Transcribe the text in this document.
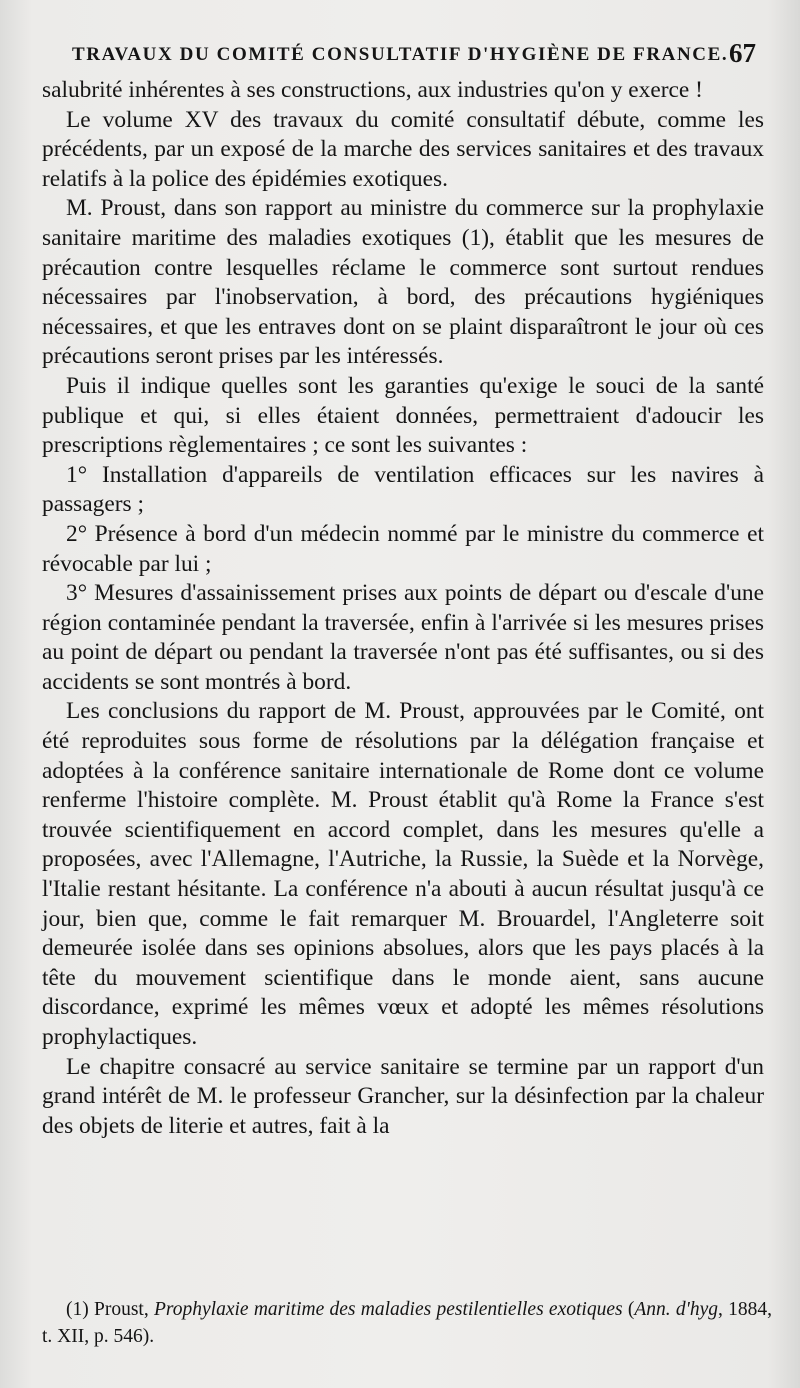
TRAVAUX DU COMITÉ CONSULTATIF D'HYGIÈNE DE FRANCE. 67

salubrité inhérentes à ses constructions, aux industries qu'on y exerce !

Le volume XV des travaux du comité consultatif débute, comme les précédents, par un exposé de la marche des services sanitaires et des travaux relatifs à la police des épidémies exotiques.

M. Proust, dans son rapport au ministre du commerce sur la prophylaxie sanitaire maritime des maladies exotiques (1), établit que les mesures de précaution contre lesquelles réclame le commerce sont surtout rendues nécessaires par l'inobservation, à bord, des précautions hygiéniques nécessaires, et que les entraves dont on se plaint disparaîtront le jour où ces précautions seront prises par les intéressés.

Puis il indique quelles sont les garanties qu'exige le souci de la santé publique et qui, si elles étaient données, permettraient d'adoucir les prescriptions règlementaires ; ce sont les suivantes :

1° Installation d'appareils de ventilation efficaces sur les navires à passagers ;

2° Présence à bord d'un médecin nommé par le ministre du commerce et révocable par lui ;

3° Mesures d'assainissement prises aux points de départ ou d'escale d'une région contaminée pendant la traversée, enfin à l'arrivée si les mesures prises au point de départ ou pendant la traversée n'ont pas été suffisantes, ou si des accidents se sont montrés à bord.

Les conclusions du rapport de M. Proust, approuvées par le Comité, ont été reproduites sous forme de résolutions par la délégation française et adoptées à la conférence sanitaire internationale de Rome dont ce volume renferme l'histoire complète. M. Proust établit qu'à Rome la France s'est trouvée scientifiquement en accord complet, dans les mesures qu'elle a proposées, avec l'Allemagne, l'Autriche, la Russie, la Suède et la Norvège, l'Italie restant hésitante. La conférence n'a abouti à aucun résultat jusqu'à ce jour, bien que, comme le fait remarquer M. Brouardel, l'Angleterre soit demeurée isolée dans ses opinions absolues, alors que les pays placés à la tête du mouvement scientifique dans le monde aient, sans aucune discordance, exprimé les mêmes vœux et adopté les mêmes résolutions prophylactiques.

Le chapitre consacré au service sanitaire se termine par un rapport d'un grand intérêt de M. le professeur Grancher, sur la désinfection par la chaleur des objets de literie et autres, fait à la

(1) Proust, Prophylaxie maritime des maladies pestilentielles exotiques (Ann. d'hyg, 1884, t. XII, p. 546).
